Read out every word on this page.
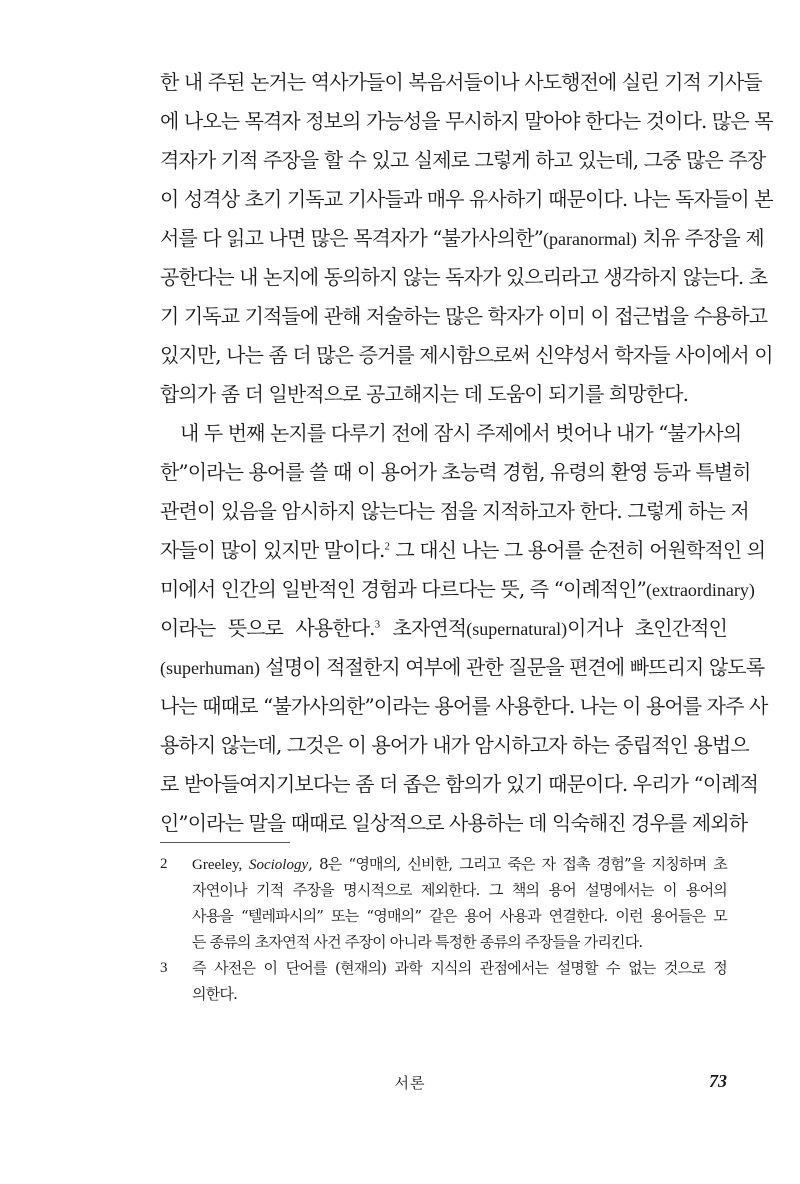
한 내 주된 논거는 역사가들이 복음서들이나 사도행전에 실린 기적 기사들

에 나오는 목격자 정보의 가능성을 무시하지 말아야 한다는 것이다. 많은 목

격자가 기적 주장을 할 수 있고 실제로 그렇게 하고 있는데, 그중 많은 주장

이 성격상 초기 기독교 기사들과 매우 유사하기 때문이다. 나는 독자들이 본

서를 다 읽고 나면 많은 목격자가 “불가사의한”(paranormal) 치유 주장을 제

공한다는 내 논지에 동의하지 않는 독자가 있으리라고 생각하지 않는다. 초

기 기독교 기적들에 관해 저술하는 많은 학자가 이미 이 접근법을 수용하고

있지만, 나는 좀 더 많은 증거를 제시함으로써 신약성서 학자들 사이에서 이

합의가 좀 더 일반적으로 공고해지는 데 도움이 되기를 희망한다.

내 두 번째 논지를 다루기 전에 잠시 주제에서 벗어나 내가 “불가사의

한”이라는 용어를 쓸 때 이 용어가 초능력 경험, 유령의 환영 등과 특별히

관련이 있음을 암시하지 않는다는 점을 지적하고자 한다. 그렇게 하는 저

자들이 많이 있지만 말이다.$^2$ 그 대신 나는 그 용어를 순전히 어원학적인 의

미에서 인간의 일반적인 경험과 다르다는 뜻, 즉 “이례적인”(extraordinary)

이라는 뜻으로 사용한다.$^3$ 초자연적(supernatural)이거나 초인간적인

(superhuman) 설명이 적절한지 여부에 관한 질문을 편견에 빠뜨리지 않도록

나는 때때로 “불가사의한”이라는 용어를 사용한다. 나는 이 용어를 자주 사

용하지 않는데, 그것은 이 용어가 내가 암시하고자 하는 중립적인 용법으

로 받아들여지기보다는 좀 더 좁은 함의가 있기 때문이다. 우리가 “이례적

인”이라는 말을 때때로 일상적으로 사용하는 데 익숙해진 경우를 제외하

2 Greeley, Sociology, 8은 “영매의, 신비한, 그리고 죽은 자 접촉 경험”을 지칭하며 초

자연이나 기적 주장을 명시적으로 제외한다. 그 책의 용어 설명에서는 이 용어의

사용을 “텔레파시의” 또는 “영매의” 같은 용어 사용과 연결한다. 이런 용어들은 모

든 종류의 초자연적 사건 주장이 아니라 특정한 종류의 주장들을 가리킨다.

3 즉 사전은 이 단어를 (현재의) 과학 지식의 관점에서는 설명할 수 없는 것으로 정

의한다.

서론	73
